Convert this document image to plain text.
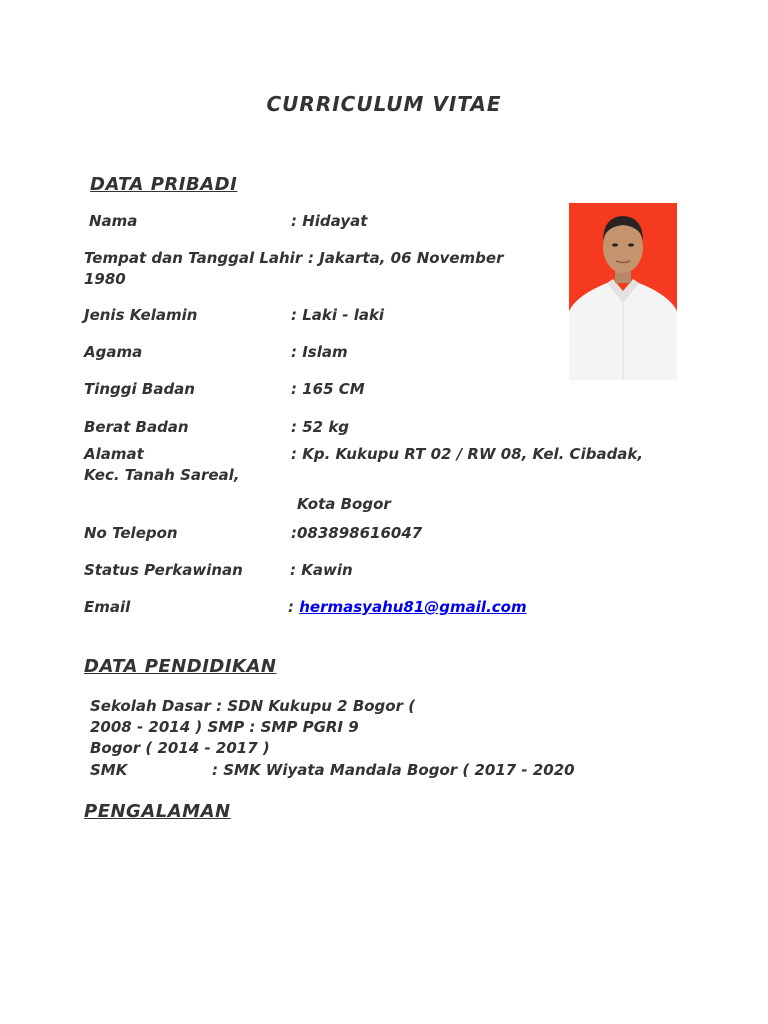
CURRICULUM VITAE
DATA PRIBADI
Nama	: Hidayat
Tempat dan Tanggal Lahir : Jakarta, 06 November
1980
Jenis Kelamin	: Laki - laki
Agama	: Islam
Tinggi Badan	: 165 CM
Berat Badan	: 52 kg
Alamat	: Kp. Kukupu RT 02 / RW 08, Kel. Cibadak,
Kec. Tanah Sareal,
Kota Bogor
No Telepon	:083898616047
Status Perkawinan	: Kawin
Email	: hermasyahu81@gmail.com
DATA PENDIDIKAN
Sekolah Dasar : SDN Kukupu 2 Bogor (
2008 - 2014 ) SMP : SMP PGRI 9
Bogor ( 2014 - 2017 )
SMK	: SMK Wiyata Mandala Bogor ( 2017 - 2020
PENGALAMAN
